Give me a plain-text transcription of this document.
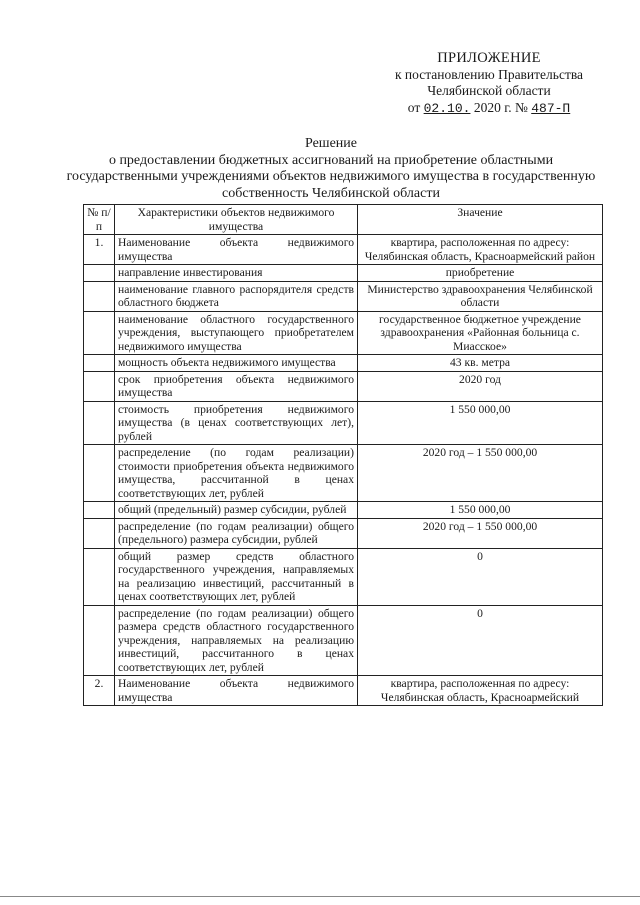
ПРИЛОЖЕНИЕ
к постановлению Правительства
Челябинской области
от 02.10. 2020 г. № 487-П
Решение
о предоставлении бюджетных ассигнований на приобретение областными государственными учреждениями объектов недвижимого имущества в государственную собственность Челябинской области
№ п/п	Характеристики объектов недвижимого имущества	Значение
1.	Наименование объекта недвижимого имущества	квартира, расположенная по адресу: Челябинская область, Красноармейский район
	направление инвестирования	приобретение
	наименование главного распорядителя средств областного бюджета	Министерство здравоохранения Челябинской области
	наименование областного государственного учреждения, выступающего приобретателем недвижимого имущества	государственное бюджетное учреждение здравоохранения «Районная больница с. Миасское»
	мощность объекта недвижимого имущества	43 кв. метра
	срок приобретения объекта недвижимого имущества	2020 год
	стоимость приобретения недвижимого имущества (в ценах соответствующих лет), рублей	1 550 000,00
	распределение (по годам реализации) стоимости приобретения объекта недвижимого имущества, рассчитанной в ценах соответствующих лет, рублей	2020 год – 1 550 000,00
	общий (предельный) размер субсидии, рублей	1 550 000,00
	распределение (по годам реализации) общего (предельного) размера субсидии, рублей	2020 год – 1 550 000,00
	общий размер средств областного государственного учреждения, направляемых на реализацию инвестиций, рассчитанный в ценах соответствующих лет, рублей	0
	распределение (по годам реализации) общего размера средств областного государственного учреждения, направляемых на реализацию инвестиций, рассчитанного в ценах соответствующих лет, рублей	0
2.	Наименование объекта недвижимого имущества	квартира, расположенная по адресу: Челябинская область, Красноармейский
